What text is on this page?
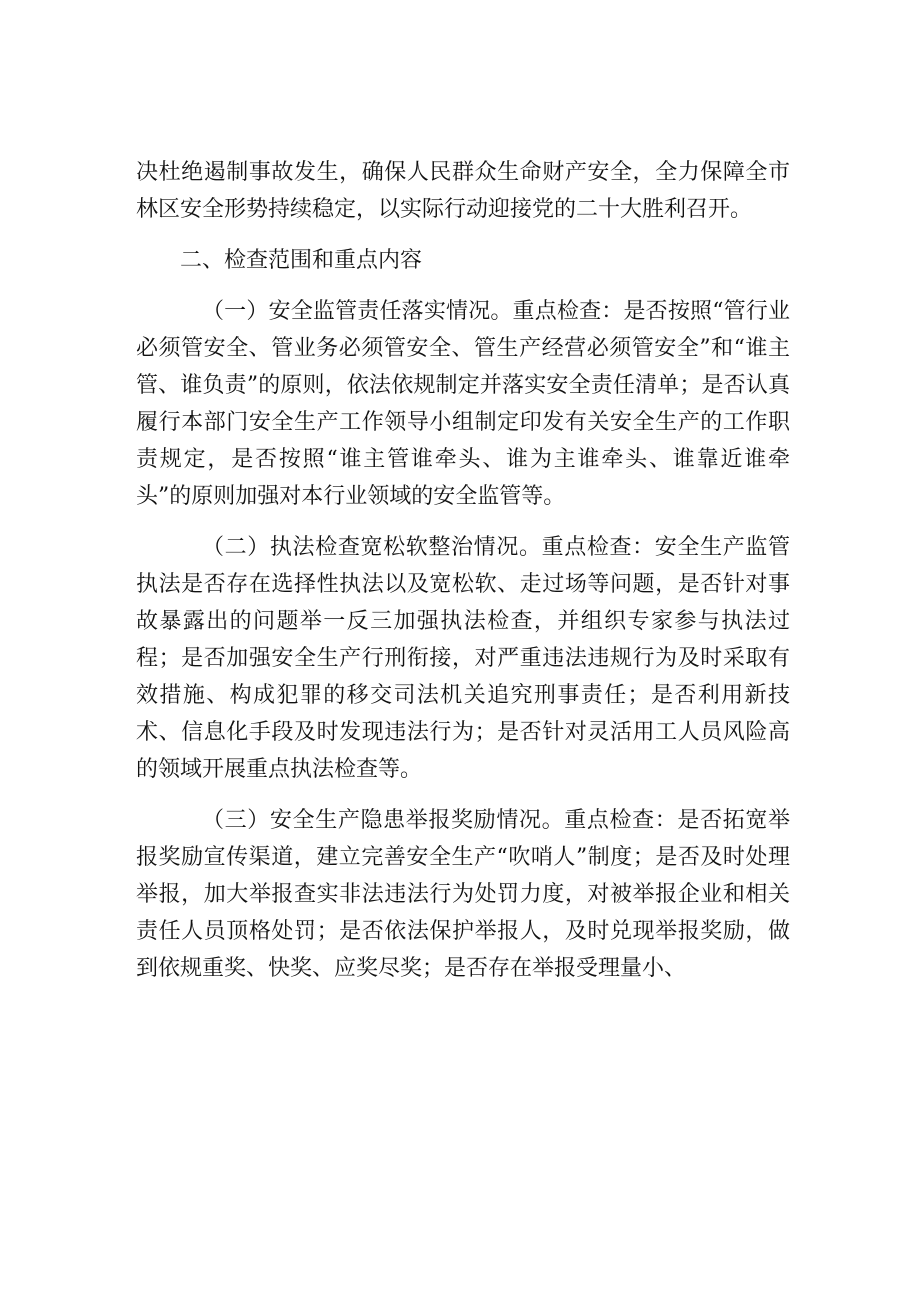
决杜绝遏制事故发生，确保人民群众生命财产安全，全力保障全市林区安全形势持续稳定，以实际行动迎接党的二十大胜利召开。

二、检查范围和重点内容

（一）安全监管责任落实情况。重点检查：是否按照“管行业必须管安全、管业务必须管安全、管生产经营必须管安全”和“谁主管、谁负责”的原则，依法依规制定并落实安全责任清单；是否认真履行本部门安全生产工作领导小组制定印发有关安全生产的工作职责规定，是否按照“谁主管谁牵头、谁为主谁牵头、谁靠近谁牵头”的原则加强对本行业领域的安全监管等。

（二）执法检查宽松软整治情况。重点检查：安全生产监管执法是否存在选择性执法以及宽松软、走过场等问题，是否针对事故暴露出的问题举一反三加强执法检查，并组织专家参与执法过程；是否加强安全生产行刑衔接，对严重违法违规行为及时采取有效措施、构成犯罪的移交司法机关追究刑事责任；是否利用新技术、信息化手段及时发现违法行为；是否针对灵活用工人员风险高的领域开展重点执法检查等。

（三）安全生产隐患举报奖励情况。重点检查：是否拓宽举报奖励宣传渠道，建立完善安全生产“吹哨人”制度；是否及时处理举报，加大举报查实非法违法行为处罚力度，对被举报企业和相关责任人员顶格处罚；是否依法保护举报人，及时兑现举报奖励，做到依规重奖、快奖、应奖尽奖；是否存在举报受理量小、
